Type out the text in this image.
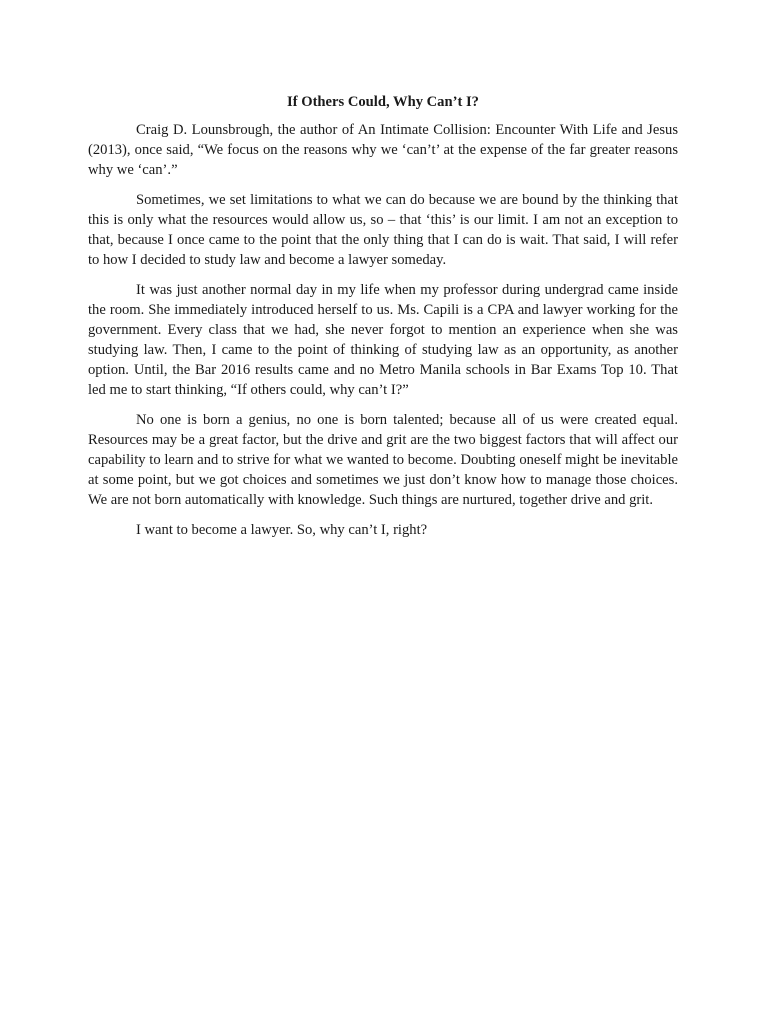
If Others Could, Why Can’t I?

Craig D. Lounsbrough, the author of An Intimate Collision: Encounter With Life and Jesus (2013), once said, “We focus on the reasons why we ‘can’t’ at the expense of the far greater reasons why we ‘can’.”

Sometimes, we set limitations to what we can do because we are bound by the thinking that this is only what the resources would allow us, so – that ‘this’ is our limit. I am not an exception to that, because I once came to the point that the only thing that I can do is wait. That said, I will refer to how I decided to study law and become a lawyer someday.

It was just another normal day in my life when my professor during undergrad came inside the room. She immediately introduced herself to us. Ms. Capili is a CPA and lawyer working for the government. Every class that we had, she never forgot to mention an experience when she was studying law. Then, I came to the point of thinking of studying law as an opportunity, as another option. Until, the Bar 2016 results came and no Metro Manila schools in Bar Exams Top 10. That led me to start thinking, “If others could, why can’t I?”

No one is born a genius, no one is born talented; because all of us were created equal. Resources may be a great factor, but the drive and grit are the two biggest factors that will affect our capability to learn and to strive for what we wanted to become. Doubting oneself might be inevitable at some point, but we got choices and sometimes we just don’t know how to manage those choices. We are not born automatically with knowledge. Such things are nurtured, together drive and grit.

I want to become a lawyer. So, why can’t I, right?
